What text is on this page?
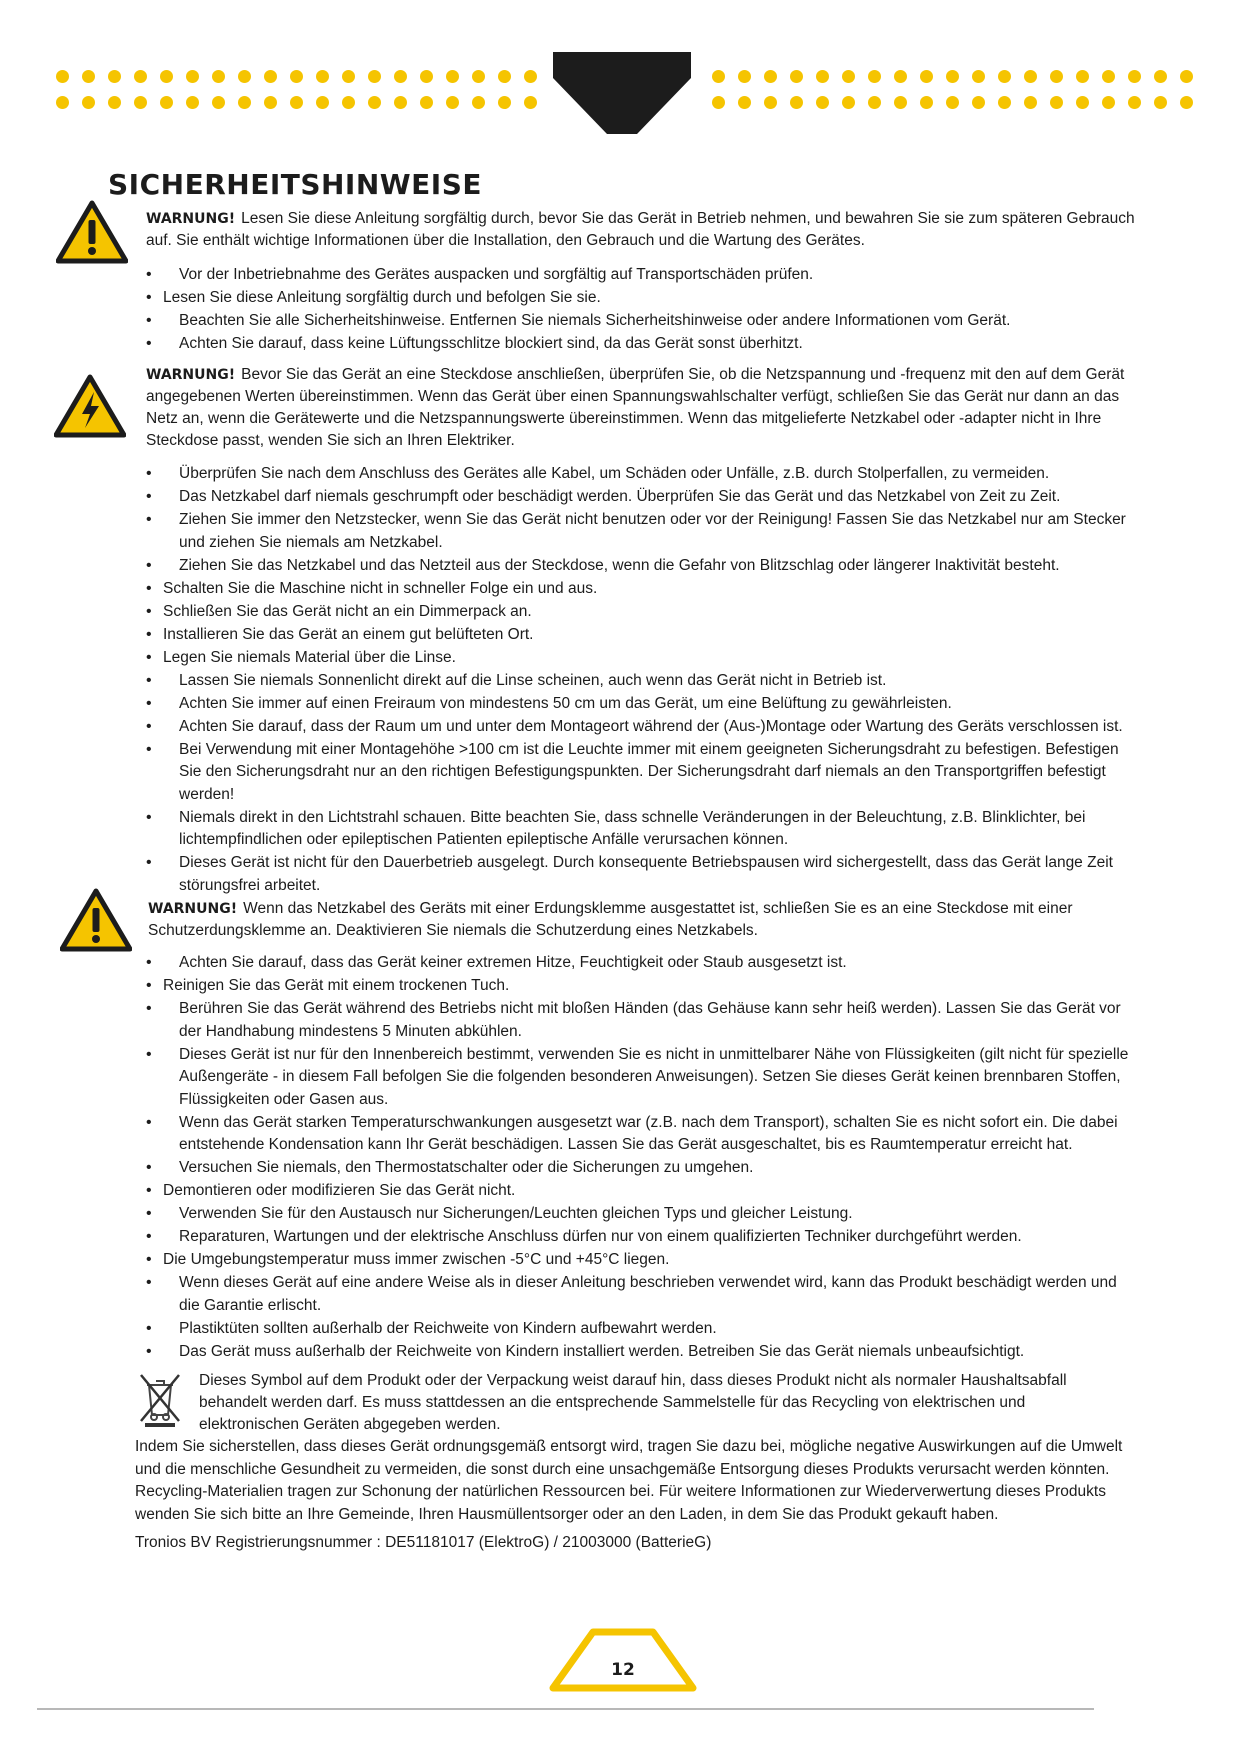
SICHERHEITSHINWEISE

WARNUNG! Lesen Sie diese Anleitung sorgfältig durch, bevor Sie das Gerät in Betrieb nehmen, und bewahren Sie sie zum späteren Gebrauch auf. Sie enthält wichtige Informationen über die Installation, den Gebrauch und die Wartung des Gerätes.

• Vor der Inbetriebnahme des Gerätes auspacken und sorgfältig auf Transportschäden prüfen.
• Lesen Sie diese Anleitung sorgfältig durch und befolgen Sie sie.
• Beachten Sie alle Sicherheitshinweise. Entfernen Sie niemals Sicherheitshinweise oder andere Informationen vom Gerät.
• Achten Sie darauf, dass keine Lüftungsschlitze blockiert sind, da das Gerät sonst überhitzt.

WARNUNG! Bevor Sie das Gerät an eine Steckdose anschließen, überprüfen Sie, ob die Netzspannung und -frequenz mit den auf dem Gerät angegebenen Werten übereinstimmen. Wenn das Gerät über einen Spannungswahlschalter verfügt, schließen Sie das Gerät nur dann an das Netz an, wenn die Gerätewerte und die Netzspannungswerte übereinstimmen. Wenn das mitgelieferte Netzkabel oder -adapter nicht in Ihre Steckdose passt, wenden Sie sich an Ihren Elektriker.

• Überprüfen Sie nach dem Anschluss des Gerätes alle Kabel, um Schäden oder Unfälle, z.B. durch Stolperfallen, zu vermeiden.
• Das Netzkabel darf niemals geschrumpft oder beschädigt werden. Überprüfen Sie das Gerät und das Netzkabel von Zeit zu Zeit.
• Ziehen Sie immer den Netzstecker, wenn Sie das Gerät nicht benutzen oder vor der Reinigung! Fassen Sie das Netzkabel nur am Stecker und ziehen Sie niemals am Netzkabel.
• Ziehen Sie das Netzkabel und das Netzteil aus der Steckdose, wenn die Gefahr von Blitzschlag oder längerer Inaktivität besteht.
• Schalten Sie die Maschine nicht in schneller Folge ein und aus.
• Schließen Sie das Gerät nicht an ein Dimmerpack an.
• Installieren Sie das Gerät an einem gut belüfteten Ort.
• Legen Sie niemals Material über die Linse.
• Lassen Sie niemals Sonnenlicht direkt auf die Linse scheinen, auch wenn das Gerät nicht in Betrieb ist.
• Achten Sie immer auf einen Freiraum von mindestens 50 cm um das Gerät, um eine Belüftung zu gewährleisten.
• Achten Sie darauf, dass der Raum um und unter dem Montageort während der (Aus-)Montage oder Wartung des Geräts verschlossen ist.
• Bei Verwendung mit einer Montagehöhe >100 cm ist die Leuchte immer mit einem geeigneten Sicherungsdraht zu befestigen. Befestigen Sie den Sicherungsdraht nur an den richtigen Befestigungspunkten. Der Sicherungsdraht darf niemals an den Transportgriffen befestigt werden!
• Niemals direkt in den Lichtstrahl schauen. Bitte beachten Sie, dass schnelle Veränderungen in der Beleuchtung, z.B. Blinklichter, bei lichtempfindlichen oder epileptischen Patienten epileptische Anfälle verursachen können.
• Dieses Gerät ist nicht für den Dauerbetrieb ausgelegt. Durch konsequente Betriebspausen wird sichergestellt, dass das Gerät lange Zeit störungsfrei arbeitet.

WARNUNG! Wenn das Netzkabel des Geräts mit einer Erdungsklemme ausgestattet ist, schließen Sie es an eine Steckdose mit einer Schutzerdungsklemme an. Deaktivieren Sie niemals die Schutzerdung eines Netzkabels.

• Achten Sie darauf, dass das Gerät keiner extremen Hitze, Feuchtigkeit oder Staub ausgesetzt ist.
• Reinigen Sie das Gerät mit einem trockenen Tuch.
• Berühren Sie das Gerät während des Betriebs nicht mit bloßen Händen (das Gehäuse kann sehr heiß werden). Lassen Sie das Gerät vor der Handhabung mindestens 5 Minuten abkühlen.
• Dieses Gerät ist nur für den Innenbereich bestimmt, verwenden Sie es nicht in unmittelbarer Nähe von Flüssigkeiten (gilt nicht für spezielle Außengeräte - in diesem Fall befolgen Sie die folgenden besonderen Anweisungen). Setzen Sie dieses Gerät keinen brennbaren Stoffen, Flüssigkeiten oder Gasen aus.
• Wenn das Gerät starken Temperaturschwankungen ausgesetzt war (z.B. nach dem Transport), schalten Sie es nicht sofort ein. Die dabei entstehende Kondensation kann Ihr Gerät beschädigen. Lassen Sie das Gerät ausgeschaltet, bis es Raumtemperatur erreicht hat.
• Versuchen Sie niemals, den Thermostatschalter oder die Sicherungen zu umgehen.
• Demontieren oder modifizieren Sie das Gerät nicht.
• Verwenden Sie für den Austausch nur Sicherungen/Leuchten gleichen Typs und gleicher Leistung.
• Reparaturen, Wartungen und der elektrische Anschluss dürfen nur von einem qualifizierten Techniker durchgeführt werden.
• Die Umgebungstemperatur muss immer zwischen -5°C und +45°C liegen.
• Wenn dieses Gerät auf eine andere Weise als in dieser Anleitung beschrieben verwendet wird, kann das Produkt beschädigt werden und die Garantie erlischt.
• Plastiktüten sollten außerhalb der Reichweite von Kindern aufbewahrt werden.
• Das Gerät muss außerhalb der Reichweite von Kindern installiert werden. Betreiben Sie das Gerät niemals unbeaufsichtigt.

Dieses Symbol auf dem Produkt oder der Verpackung weist darauf hin, dass dieses Produkt nicht als normaler Haushaltsabfall behandelt werden darf. Es muss stattdessen an die entsprechende Sammelstelle für das Recycling von elektrischen und elektronischen Geräten abgegeben werden.

Indem Sie sicherstellen, dass dieses Gerät ordnungsgemäß entsorgt wird, tragen Sie dazu bei, mögliche negative Auswirkungen auf die Umwelt und die menschliche Gesundheit zu vermeiden, die sonst durch eine unsachgemäße Entsorgung dieses Produkts verursacht werden könnten. Recycling-Materialien tragen zur Schonung der natürlichen Ressourcen bei. Für weitere Informationen zur Wiederverwertung dieses Produkts wenden Sie sich bitte an Ihre Gemeinde, Ihren Hausmüllentsorger oder an den Laden, in dem Sie das Produkt gekauft haben.

Tronios BV Registrierungsnummer : DE51181017 (ElektroG) / 21003000 (BatterieG)

12
